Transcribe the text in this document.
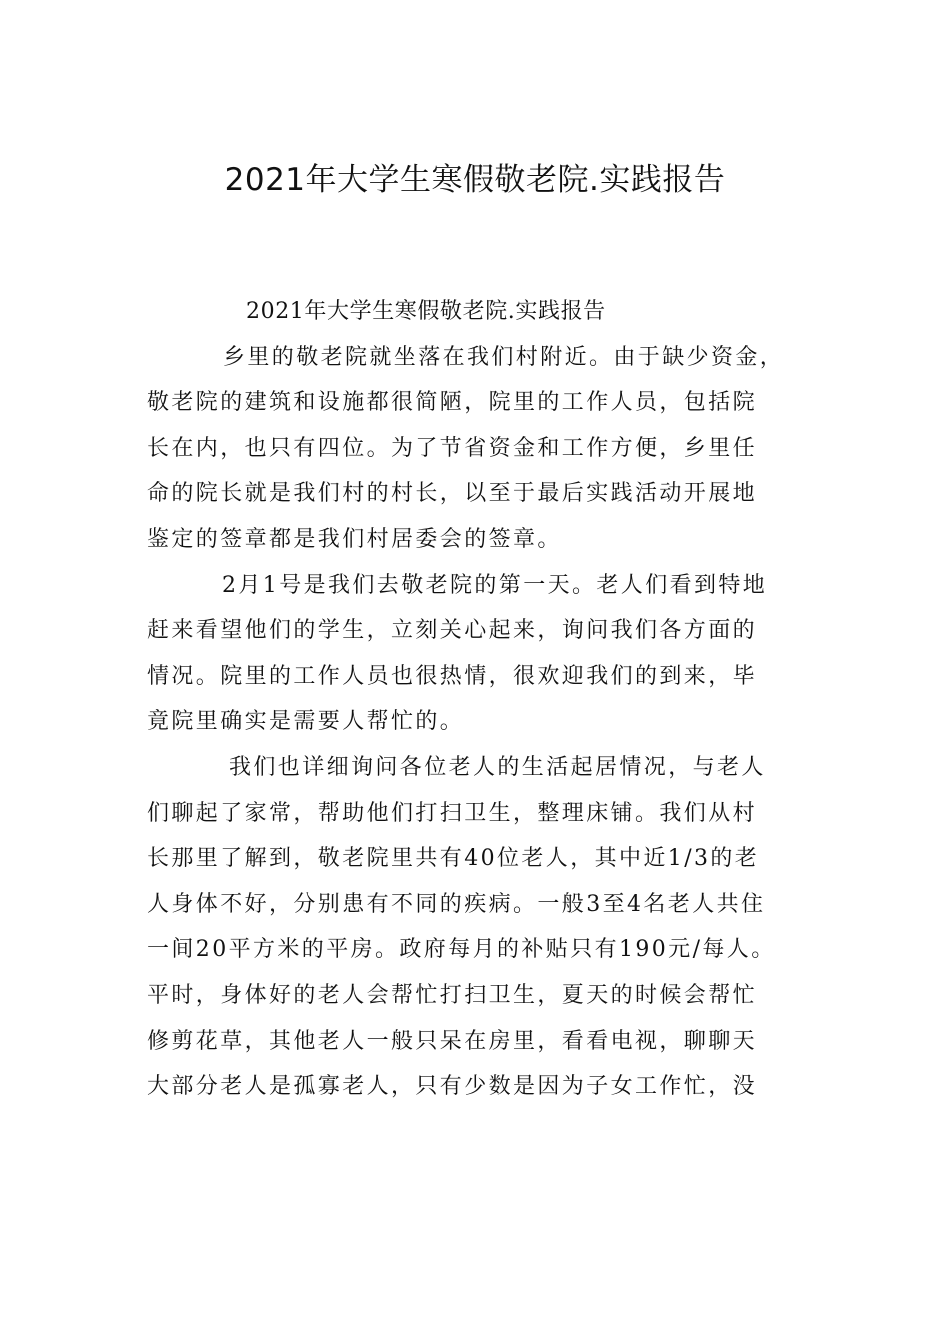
2021年大学生寒假敬老院.实践报告
2021年大学生寒假敬老院.实践报告
乡里的敬老院就坐落在我们村附近。由于缺少资金，
敬老院的建筑和设施都很简陋，院里的工作人员，包括院
长在内，也只有四位。为了节省资金和工作方便，乡里任
命的院长就是我们村的村长，以至于最后实践活动开展地
鉴定的签章都是我们村居委会的签章。
2月1号是我们去敬老院的第一天。老人们看到特地
赶来看望他们的学生，立刻关心起来，询问我们各方面的
情况。院里的工作人员也很热情，很欢迎我们的到来，毕
竟院里确实是需要人帮忙的。
我们也详细询问各位老人的生活起居情况，与老人
们聊起了家常，帮助他们打扫卫生，整理床铺。我们从村
长那里了解到，敬老院里共有40位老人，其中近1/3的老
人身体不好，分别患有不同的疾病。一般3至4名老人共住
一间20平方米的平房。政府每月的补贴只有190元/每人。
平时，身体好的老人会帮忙打扫卫生，夏天的时候会帮忙
修剪花草，其他老人一般只呆在房里，看看电视，聊聊天
大部分老人是孤寡老人，只有少数是因为子女工作忙，没
